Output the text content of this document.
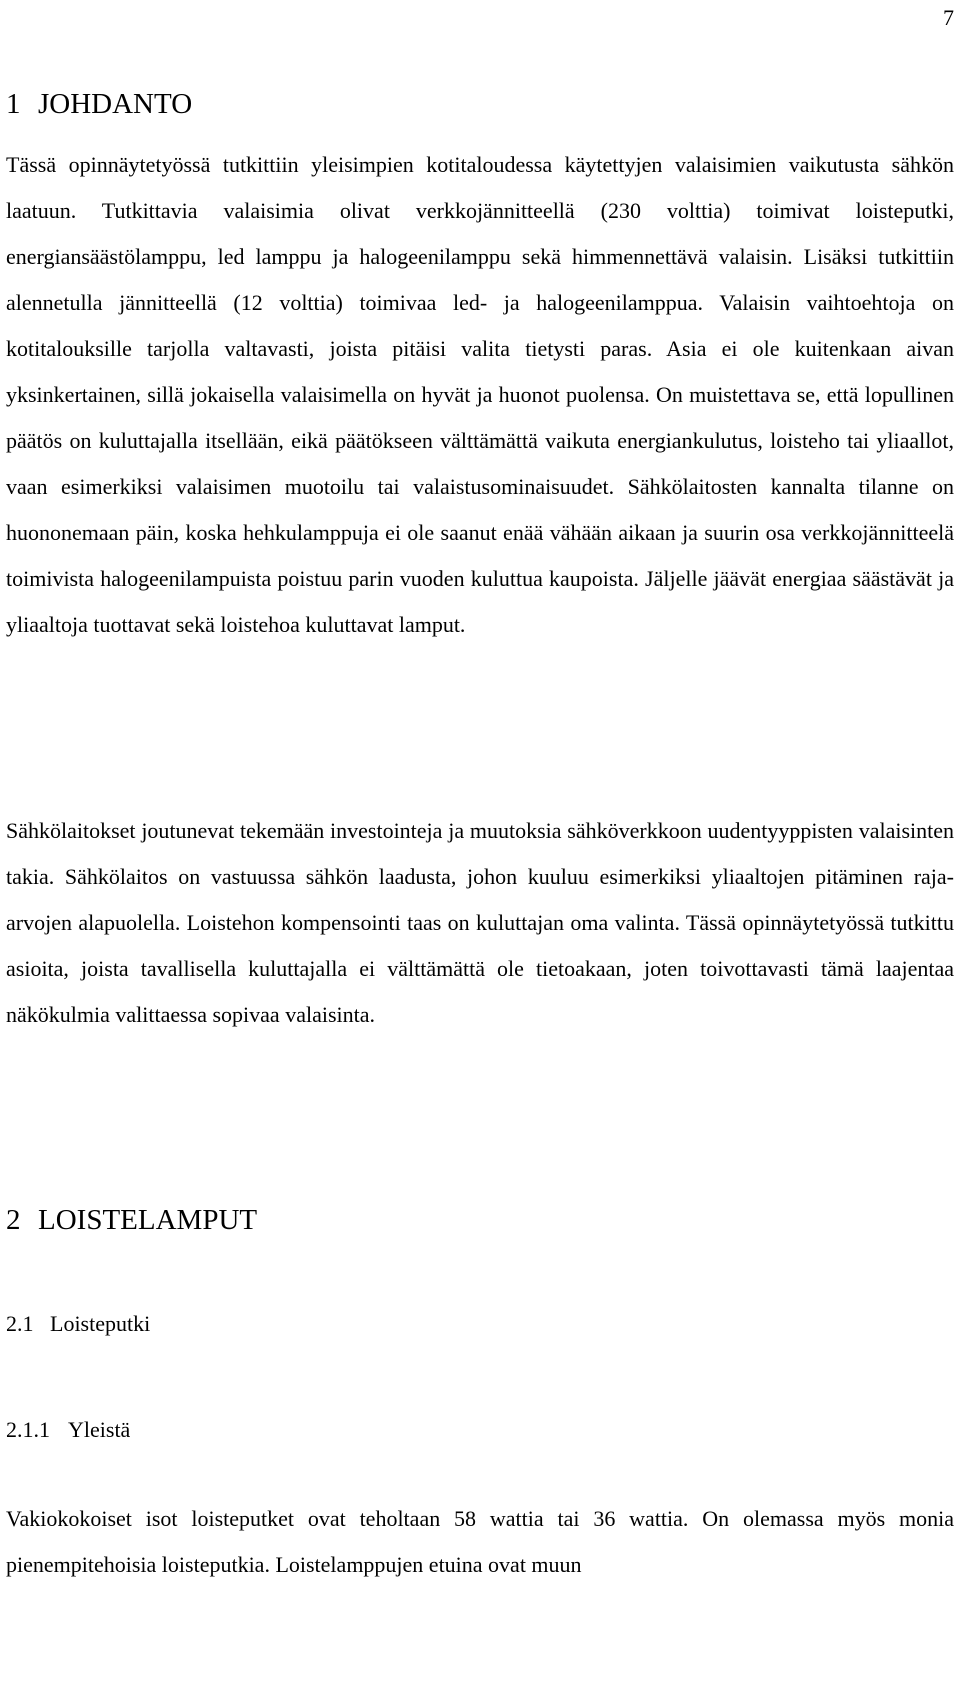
7
1 JOHDANTO

Tässä opinnäytetyössä tutkittiin yleisimpien kotitaloudessa käytettyjen valaisimien vaikutusta sähkön laatuun. Tutkittavia valaisimia olivat verkkojännitteellä (230 volttia) toimivat loisteputki, energiansäästölamppu, led lamppu ja halogeenilamppu sekä himmennettävä valaisin. Lisäksi tutkittiin alennetulla jännitteellä (12 volttia) toimivaa led- ja halogeenilamppua. Valaisin vaihtoehtoja on kotitalouksille tarjolla valtavasti, joista pitäisi valita tietysti paras. Asia ei ole kuitenkaan aivan yksinkertainen, sillä jokaisella valaisimella on hyvät ja huonot puolensa. On muistettava se, että lopullinen päätös on kuluttajalla itsellään, eikä päätökseen välttämättä vaikuta energiankulutus, loisteho tai yliaallot, vaan esimerkiksi valaisimen muotoilu tai valaistusominaisuudet. Sähkölaitosten kannalta tilanne on huononemaan päin, koska hehkulamppuja ei ole saanut enää vähään aikaan ja suurin osa verkkojännitteelä toimivista halogeenilampuista poistuu parin vuoden kuluttua kaupoista. Jäljelle jäävät energiaa säästävät ja yliaaltoja tuottavat sekä loistehoa kuluttavat lamput.

Sähkölaitokset joutunevat tekemään investointeja ja muutoksia sähköverkkoon uudentyyppisten valaisinten takia. Sähkölaitos on vastuussa sähkön laadusta, johon kuuluu esimerkiksi yliaaltojen pitäminen raja-arvojen alapuolella. Loistehon kompensointi taas on kuluttajan oma valinta. Tässä opinnäytetyössä tutkittu asioita, joista tavallisella kuluttajalla ei välttämättä ole tietoakaan, joten toivottavasti tämä laajentaa näkökulmia valittaessa sopivaa valaisinta.

2 LOISTELAMPUT
2.1 Loisteputki
2.1.1 Yleistä

Vakiokokoiset isot loisteputket ovat teholtaan 58 wattia tai 36 wattia. On olemassa myös monia pienempitehoisia loisteputkia. Loistelamppujen etuina ovat muun
